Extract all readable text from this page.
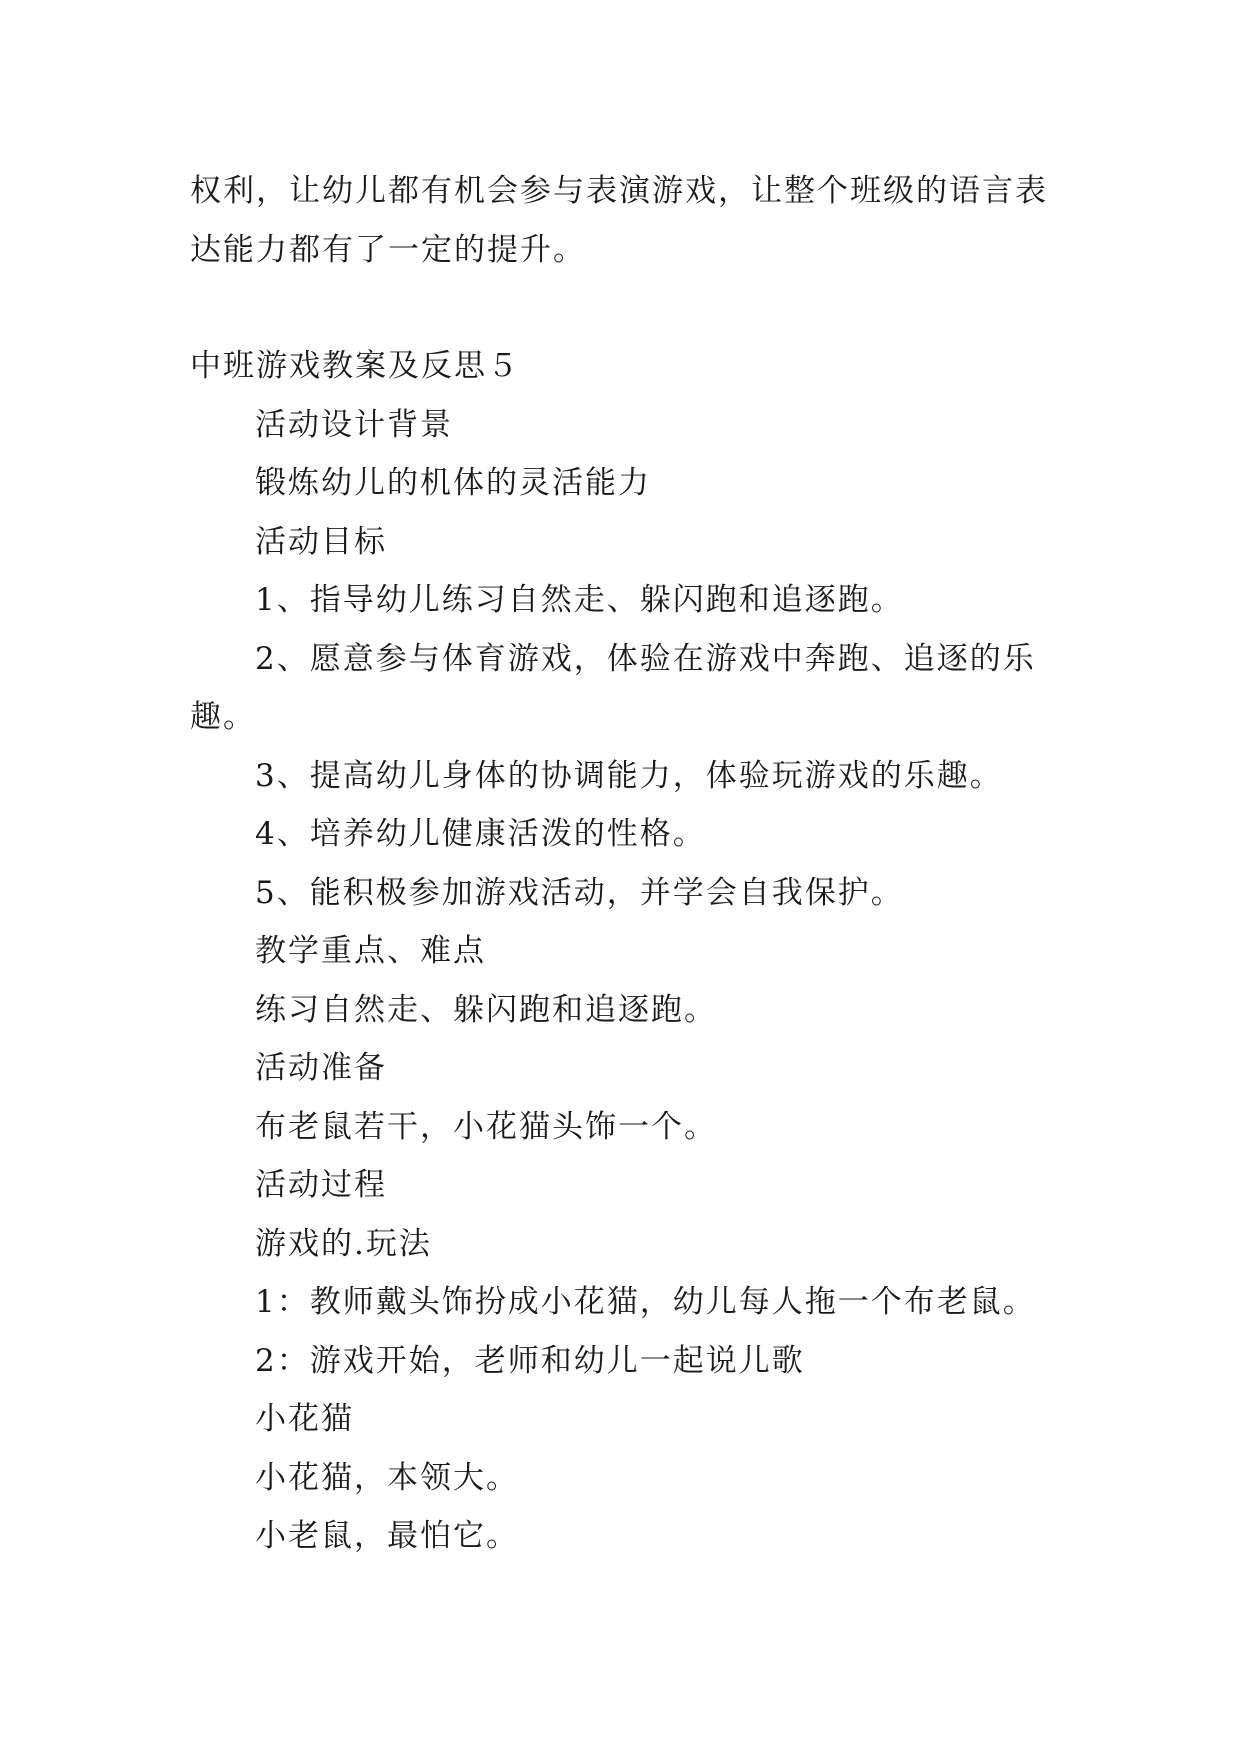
权利，让幼儿都有机会参与表演游戏，让整个班级的语言表达能力都有了一定的提升。

中班游戏教案及反思５

活动设计背景

锻炼幼儿的机体的灵活能力

活动目标

1、指导幼儿练习自然走、躲闪跑和追逐跑。

2、愿意参与体育游戏，体验在游戏中奔跑、追逐的乐趣。

3、提高幼儿身体的协调能力，体验玩游戏的乐趣。

4、培养幼儿健康活泼的性格。

5、能积极参加游戏活动，并学会自我保护。

教学重点、难点

练习自然走、躲闪跑和追逐跑。

活动准备

布老鼠若干，小花猫头饰一个。

活动过程

游戏的.玩法

1：教师戴头饰扮成小花猫，幼儿每人拖一个布老鼠。

2：游戏开始，老师和幼儿一起说儿歌

小花猫

小花猫，本领大。

小老鼠，最怕它。
